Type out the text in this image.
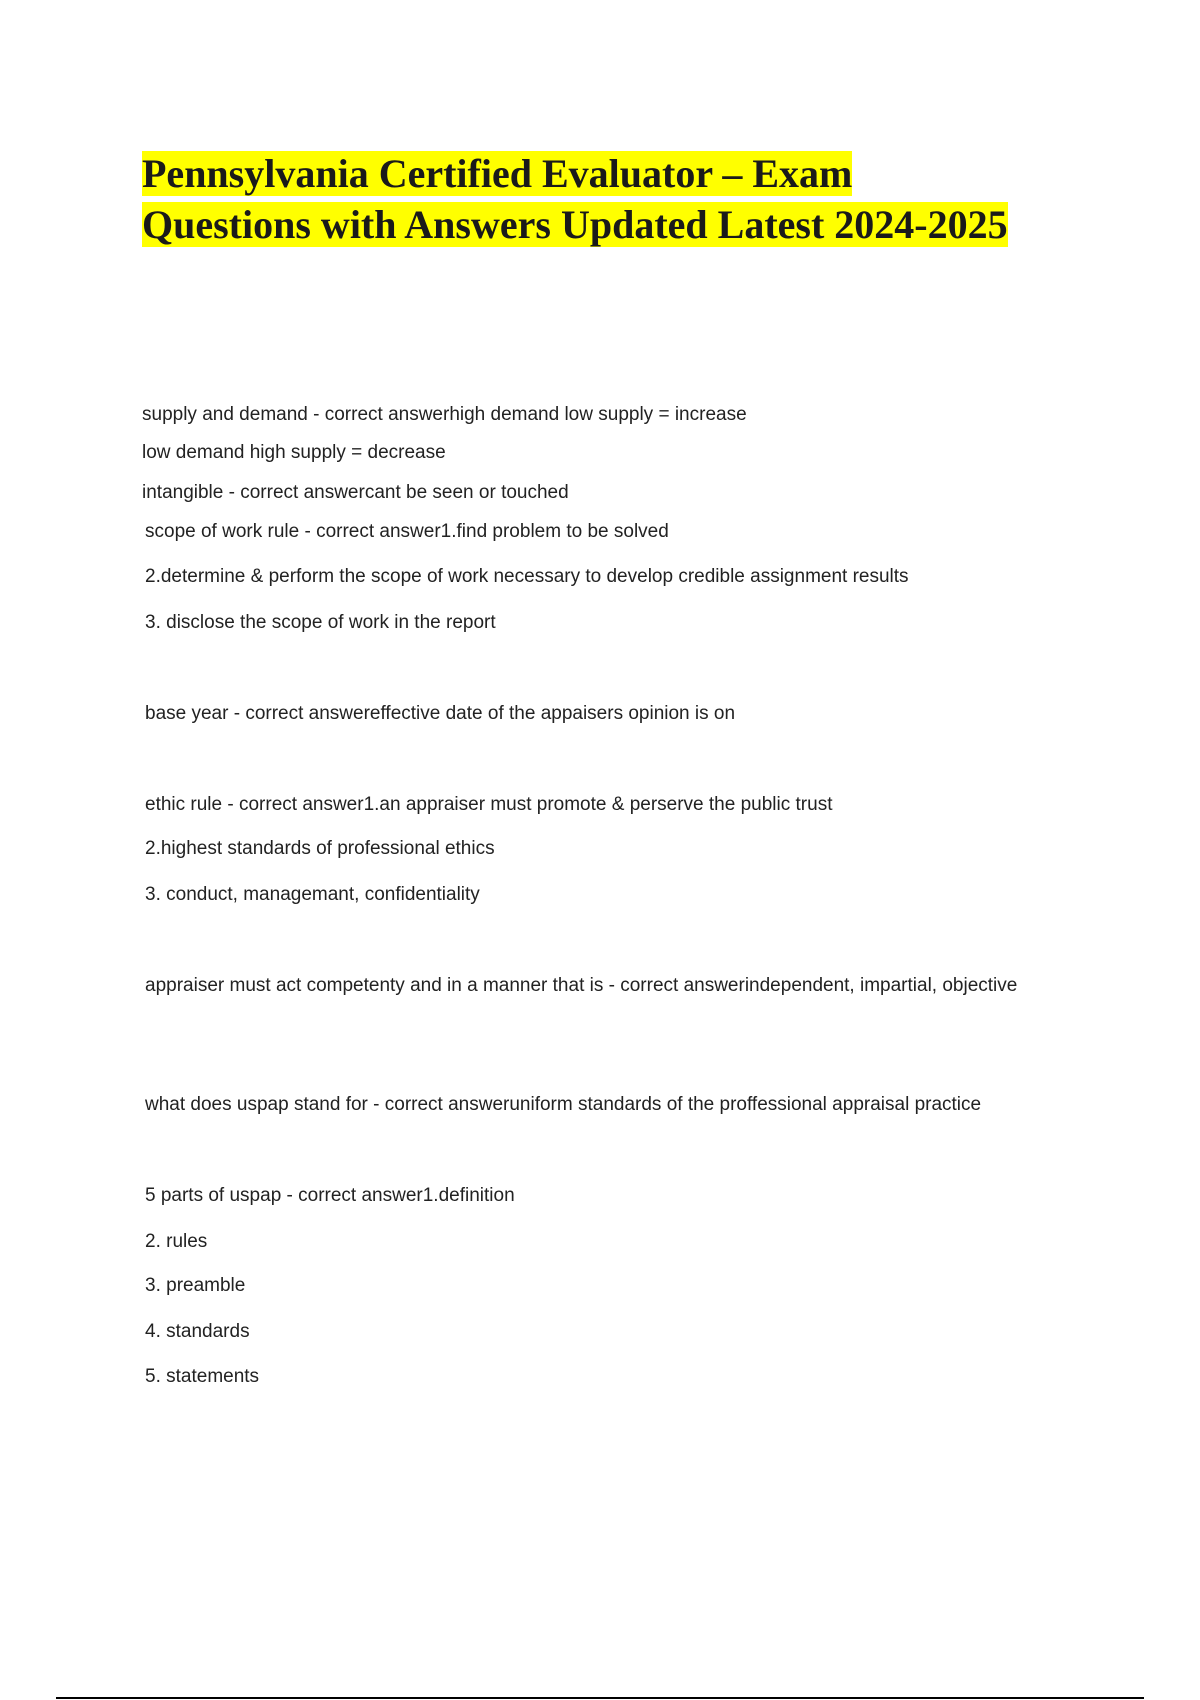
Pennsylvania Certified Evaluator – Exam
Questions with Answers Updated Latest 2024-2025
supply and demand - correct answerhigh demand low supply = increase
low demand high supply = decrease
intangible - correct answercant be seen or touched
scope of work rule - correct answer1.find problem to be solved
2.determine & perform the scope of work necessary to develop credible assignment results
3. disclose the scope of work in the report
base year - correct answereffective date of the appaisers opinion is on
ethic rule - correct answer1.an appraiser must promote & perserve the public trust
2.highest standards of professional ethics
3. conduct, managemant, confidentiality
appraiser must act competenty and in a manner that is - correct answerindependent, impartial, objective
what does uspap stand for - correct answeruniform standards of the proffessional appraisal practice
5 parts of uspap - correct answer1.definition
2. rules
3. preamble
4. standards
5. statements
